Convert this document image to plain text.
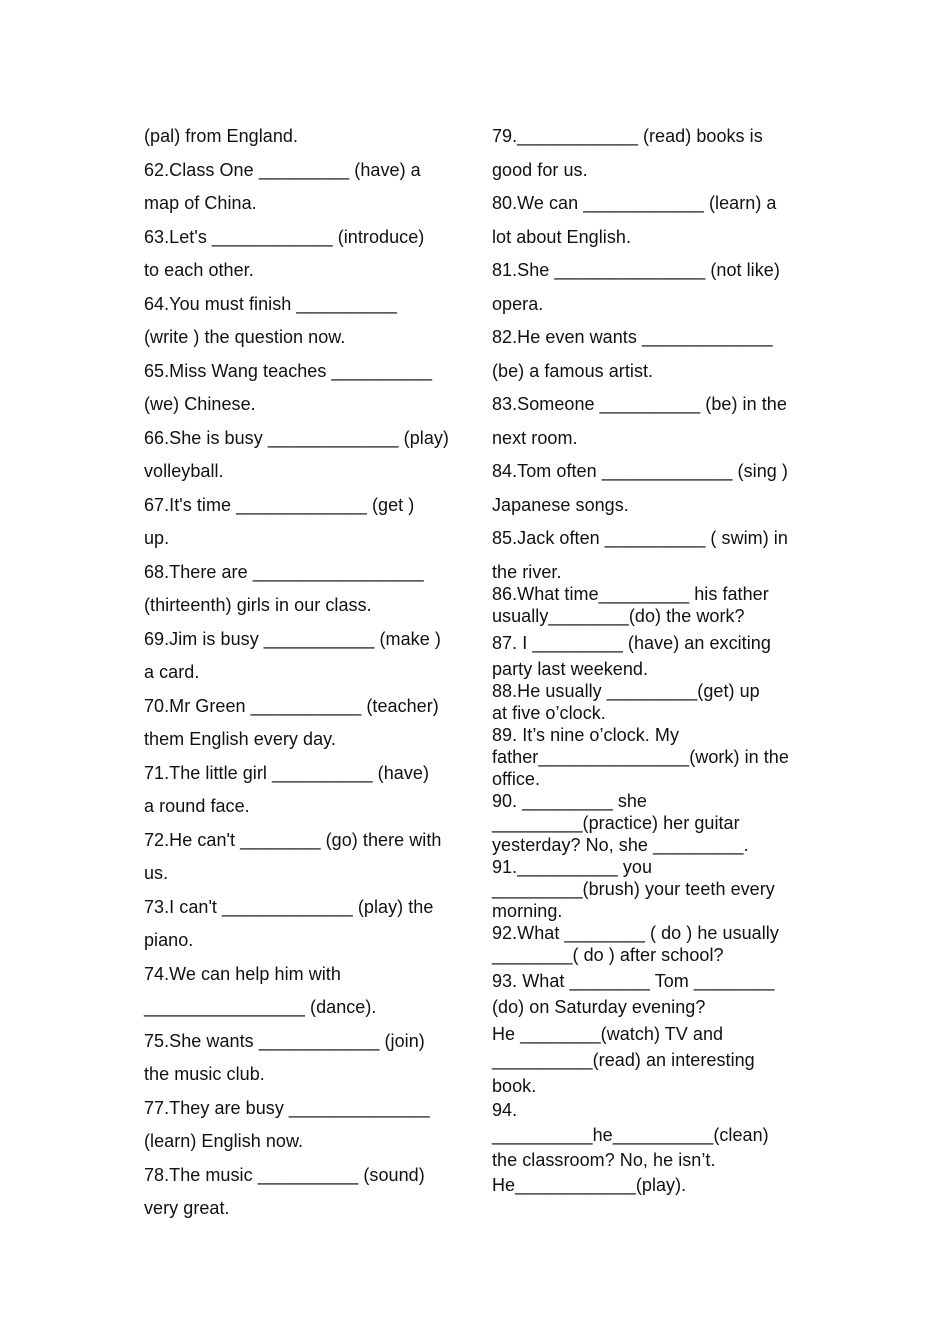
(pal) from England.
62.Class One _________ (have) a
map of China.
63.Let's ____________ (introduce)
to each other.
64.You must finish __________
(write ) the question now.
65.Miss Wang teaches __________
(we) Chinese.
66.She is busy _____________ (play)
volleyball.
67.It's time _____________ (get )
up.
68.There are _________________
(thirteenth) girls in our class.
69.Jim is busy ___________ (make )
a card.
70.Mr Green ___________ (teacher)
them English every day.
71.The little girl __________ (have)
a round face.
72.He can't ________ (go) there with
us.
73.I can't _____________ (play) the
piano.
74.We can help him with
________________ (dance).
75.She wants ____________ (join)
the music club.
77.They are busy ______________
(learn) English now.
78.The music __________ (sound)
very great.
79.____________ (read) books is
good for us.
80.We can ____________ (learn) a
lot about English.
81.She _______________ (not like)
opera.
82.He even wants _____________
(be) a famous artist.
83.Someone __________ (be) in the
next room.
84.Tom often _____________ (sing )
Japanese songs.
85.Jack often __________ ( swim) in
the river.
86.What time_________ his father
usually________(do) the work?
87. I _________ (have) an exciting
party last weekend.
88.He usually _________(get) up
at five o’clock.
89. It’s nine o’clock. My
father_______________(work) in the
office.
90. _________ she
_________(practice) her guitar
yesterday? No, she _________.
91.__________ you
_________(brush) your teeth every
morning.
92.What ________ ( do ) he usually
________( do ) after school?
93. What ________ Tom ________
(do) on Saturday evening?
He ________(watch) TV and
__________(read) an interesting
book.
94.
__________he__________(clean)
the classroom? No, he isn’t.
He____________(play).
